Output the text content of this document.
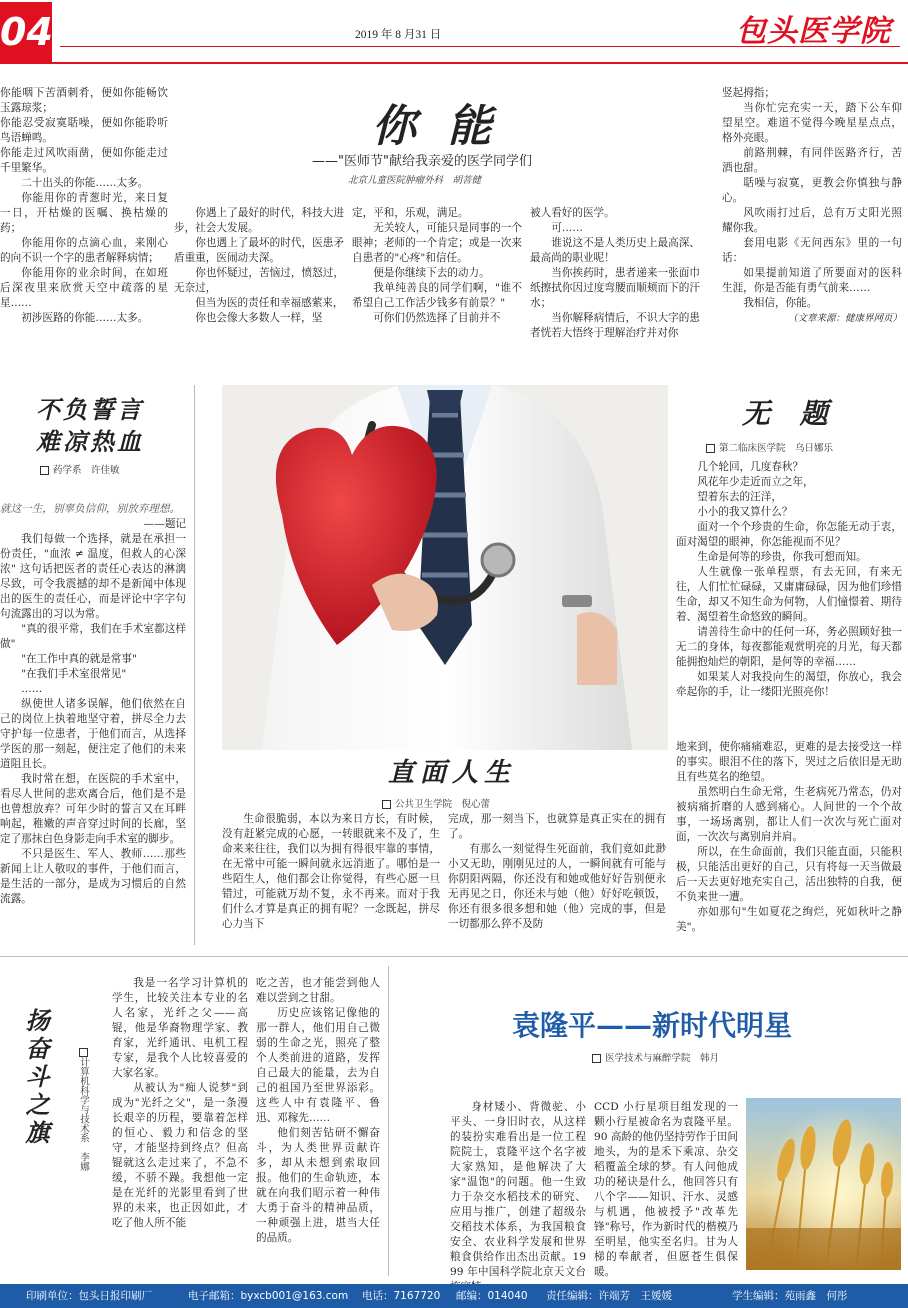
04	2019 年 8 月31 日	包头医学院

你能咽下苦酒刺肴，便如你能畅饮玉露琼浆；

你能忍受寂寞聒噪，便如你能聆听鸟语蝉鸣。

你能走过风吹雨凿，便如你能走过千里繁华。

二十出头的你能……太多。

你能用你的青葱时光，来日复一日，开枯燥的医嘱、换枯燥的药；

你能用你的点滴心血，来刚心的向不识一个字的患者解释病情；

你能用你的业余时间，在如班后深夜里来欣赏天空中疏落的星星……

初涉医路的你能……太多。

你 能
——"医师节"献给我亲爱的医学同学们
北京儿童医院肿瘤外科　胡菩健

你遇上了最好的时代，科技大进步，社会大发展。

你也遇上了最坏的时代，医患矛盾重重，医闹动夫深。

你也怀疑过，苦恼过，愤怒过，无奈过，

但当为医的责任和幸福感萦来，

你也会像大多数人一样，坚

定，平和，乐观，满足。

无关较人，可能只是同事的一个眼神；老师的一个肯定；或是一次来自患者的"心疼"和信任。

便是你继续下去的动力。

我单纯善良的同学们啊，"谁不希望自己工作活少钱多有前景？"

可你们仍然选择了目前并不

被人看好的医学。

可……

谁说这不是人类历史上最高深、最高尚的职业呢！

当你挨药时，患者递来一张面巾纸擦拭你因过度弯腰而顺颊而下的汗水；

当你解释病情后，不识大字的患者恍若大悟终于理解治疗并对你

竖起拇指；

当你忙完充实一天，踏下公车仰望星空。难道不觉得今晚星星点点，格外亮眼。

前路荆棘，有同伴医路齐行，苦酒也甜。

聒噪与寂寞，更教会你慎独与静心。

风吹雨打过后，总有万丈阳光照耀你我。

套用电影《无问西东》里的一句话：

如果提前知道了所要面对的医科生涯，你是否能有勇气前来……

我相信，你能。

（文章来源：健康界网页）

不负誓言
难凉热血
药学系　许佳敏

就这一生，别辜负信仰，别放弃理想。

——题记

我们每做一个选择，就是在承担一份责任，"血浓 ≠ 温度，但救人的心深浓" 这句话把医者的责任心表达的淋漓尽致，可令我震撼的却不是新闻中体现出的医生的责任心，而是评论中字字句句流露出的习以为常。

"真的很平常，我们在手术室都这样做"

"在工作中真的就是常事"

"在我们手术室很常见"

……

纵使世人诸多误解，他们依然在自己的岗位上执着地坚守着，拼尽全力去守护每一位患者，于他们而言，从选择学医的那一刻起，便注定了他们的未来道阻且长。

我时常在想，在医院的手术室中，看尽人世间的悲欢离合后，他们是不是也曾想放弃？可年少时的誓言又在耳畔响起，稚嫩的声音穿过时间的长廊，坚定了那抹白色身影走向手术室的脚步。

不只是医生、军人、教师……那些新闻上让人敬叹的事件，于他们而言，是生活的一部分，是成为习惯后的自然流露。

无 题
第二临床医学院　乌日娜乐

几个轮回，几度春秋？

风花年少走近而立之年，

望着东去的汪洋，

小小的我又算什么？

面对一个个珍贵的生命，你怎能无动于衷，面对渴望的眼神，你怎能视而不见？

生命是何等的珍贵，你我可想而知。

人生就像一张单程票，有去无回，有来无往，人们忙忙碌碌，又庸庸碌碌，因为他们珍惜生命，却又不知生命为何物，人们憧憬着、期待着、渴望着生命悠致的瞬间。

请善待生命中的任何一环，务必照顾好独一无二的身体，每夜都能观赏明亮的月光，每天都能拥抱灿烂的朝阳，是何等的幸福……

如果某人对我投向生的渴望，你放心，我会牵起你的手，让一缕阳光照亮你！

直面人生
公共卫生学院　倪心蕾

生命很脆弱，本以为来日方长，有时候，没有赶紧完成的心愿，一转眼就来不及了，生命来来往往，我们以为拥有得很牢靠的事情，在无常中可能一瞬间就永远消逝了。哪怕是一些陌生人，他们都会让你觉得，有些心愿一旦错过，可能就万劫不复，永不再来。而对于我们什么才算是真正的拥有呢？一念既起，拼尽心力当下

完成，那一刻当下，也就算是真正实在的拥有了。

有那么一刻觉得生死面前，我们竟如此渺小又无助，刚刚见过的人，一瞬间就有可能与你阴阳两隔，你还没有和她或他好好告别便永无再见之日，你还未与她（他）好好吃顿饭，你还有很多很多想和她（他）完成的事，但是一切都那么猝不及防

地来到，使你痛痛难忍，更难的是去接受这一样的事实。眼泪不住的落下，哭过之后依旧是无助且有些莫名的绝望。

虽然明白生命无常，生老病死乃常态，仍对被病痛折磨的人感到痛心。人间世的一个个故事，一场场离别，都让人们一次次与死亡面对面，一次次与离别肩并肩。

所以，在生命面前，我们只能直面，只能积极，只能活出更好的自己，只有将每一天当做最后一天去更好地充实自己，活出独特的自我，便不负来世一遭。

亦如那句"生如夏花之绚烂，死如秋叶之静美"。

扬奋斗之旗	计算机科学与技术系　李娜

我是一名学习计算机的学生，比较关注本专业的名人名家，光纤之父——高锟，他是华裔物理学家、教育家，光纤通讯、电机工程专家，是我个人比较喜爱的大家名家。

从被认为"痴人说梦"到成为"光纤之父"，是一条漫长艰辛的历程，要靠着怎样的恒心、毅力和信念的坚守，才能坚持到终点？但高锟就这么走过来了，不急不缓，不骄不躁。我想他一定是在光纤的光影里看到了世界的未来，也正因如此，才吃了他人所不能

吃之苦，也才能尝到他人难以尝到之甘甜。

历史应该铭记像他的那一群人，他们用自己微弱的生命之光，照亮了整个人类前进的道路，发挥自己最大的能量，去为自己的祖国乃至世界添彩。这些人中有袁隆平、鲁迅、邓稼先……

他们刻苦钻研不懈奋斗，为人类世界贡献许多，却从未想到索取回报。他们的生命轨迹，本就在向我们昭示着一种伟大勇于奋斗的精神品质，一种顽强上进，堪当大任的品质。

袁隆平——新时代明星
医学技术与麻醉学院　韩月

身材矮小、背微驼、小平头、一身旧时衣，从这样的装扮实难看出是一位工程院院士，袁隆平这个名字被大家熟知，是他解决了大家"温饱"的问题。他一生致力于杂交水稻技术的研究、应用与推广，创建了超级杂交稻技术体系，为我国粮食安全、农业科学发展和世界粮食供给作出杰出贡献。1999 年中国科学院北京天文台

CCD 小行星项目组发现的一颗小行星被命名为袁隆平星。90 高龄的他仍坚持劳作于田间地头，为的是禾下乘凉、杂交稻覆盖全球的梦。有人问他成功的秘诀是什么，他回答只有八个字——知识、汗水、灵感与机遇，他被授予"改革先锋"称号，作为新时代的楷模乃至明星，他实至名归。甘为人梯的奉献者，但愿苍生俱保暖。

印刷单位：包头日报印刷厂	电子邮箱：byxcb001@163.com 电话：7167720 邮编：014040 责任编辑：许端芳　王媛媛	学生编辑：苑雨鑫　何彤
